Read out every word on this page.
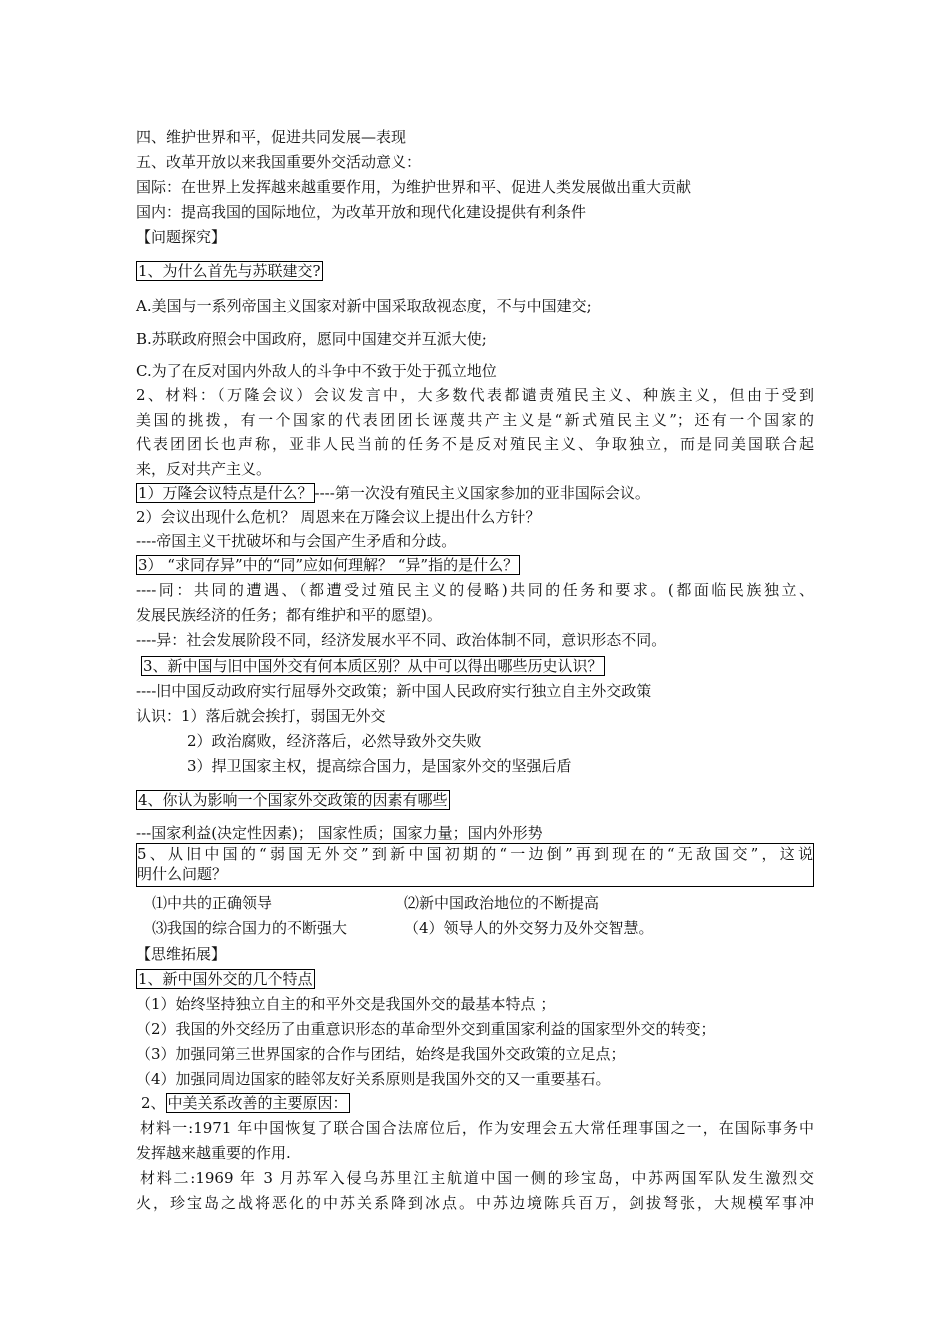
四、维护世界和平，促进共同发展—表现
五、改革开放以来我国重要外交活动意义：
国际：在世界上发挥越来越重要作用，为维护世界和平、促进人类发展做出重大贡献
国内：提高我国的国际地位，为改革开放和现代化建设提供有利条件
【问题探究】
1、为什么首先与苏联建交?
A.美国与一系列帝国主义国家对新中国采取敌视态度，不与中国建交;
B.苏联政府照会中国政府，愿同中国建交并互派大使;
C.为了在反对国内外敌人的斗争中不致于处于孤立地位
2、材料：（万隆会议）会议发言中，大多数代表都谴责殖民主义、种族主义，但由于受到
美国的挑拨，有一个国家的代表团团长诬蔑共产主义是“新式殖民主义”；还有一个国家的
代表团团长也声称，亚非人民当前的任务不是反对殖民主义、争取独立，而是同美国联合起
来，反对共产主义。
1）万隆会议特点是什么？ ----第一次没有殖民主义国家参加的亚非国际会议。
2）会议出现什么危机？ 周恩来在万隆会议上提出什么方针？
----帝国主义干扰破坏和与会国产生矛盾和分歧。
3） “求同存异”中的“同”应如何理解？ “异”指的是什么？
----同：共同的遭遇、（都遭受过殖民主义的侵略)共同的任务和要求。(都面临民族独立、
发展民族经济的任务；都有维护和平的愿望)。
----异：社会发展阶段不同，经济发展水平不同、政治体制不同，意识形态不同。
3、新中国与旧中国外交有何本质区别？从中可以得出哪些历史认识？
----旧中国反动政府实行屈辱外交政策；新中国人民政府实行独立自主外交政策
认识：1）落后就会挨打，弱国无外交
2）政治腐败，经济落后，必然导致外交失败
3）捍卫国家主权，提高综合国力，是国家外交的坚强后盾
4、你认为影响一个国家外交政策的因素有哪些
---国家利益(决定性因素)； 国家性质；国家力量；国内外形势
5、从旧中国的“弱国无外交”到新中国初期的“一边倒”再到现在的“无敌国交”，这说
明什么问题？
⑴中共的正确领导	⑵新中国政治地位的不断提高
⑶我国的综合国力的不断强大	（4）领导人的外交努力及外交智慧。
【思维拓展】
1、新中国外交的几个特点
（1）始终坚持独立自主的和平外交是我国外交的最基本特点 ；
（2）我国的外交经历了由重意识形态的革命型外交到重国家利益的国家型外交的转变；
（3）加强同第三世界国家的合作与团结，始终是我国外交政策的立足点；
（4）加强同周边国家的睦邻友好关系原则是我国外交的又一重要基石。
2、 中美关系改善的主要原因：
材料一:1971 年中国恢复了联合国合法席位后，作为安理会五大常任理事国之一，在国际事务中
发挥越来越重要的作用.
材料二:1969 年 3 月苏军入侵乌苏里江主航道中国一侧的珍宝岛，中苏两国军队发生激烈交
火，珍宝岛之战将恶化的中苏关系降到冰点。中苏边境陈兵百万，剑拔弩张，大规模军事冲
